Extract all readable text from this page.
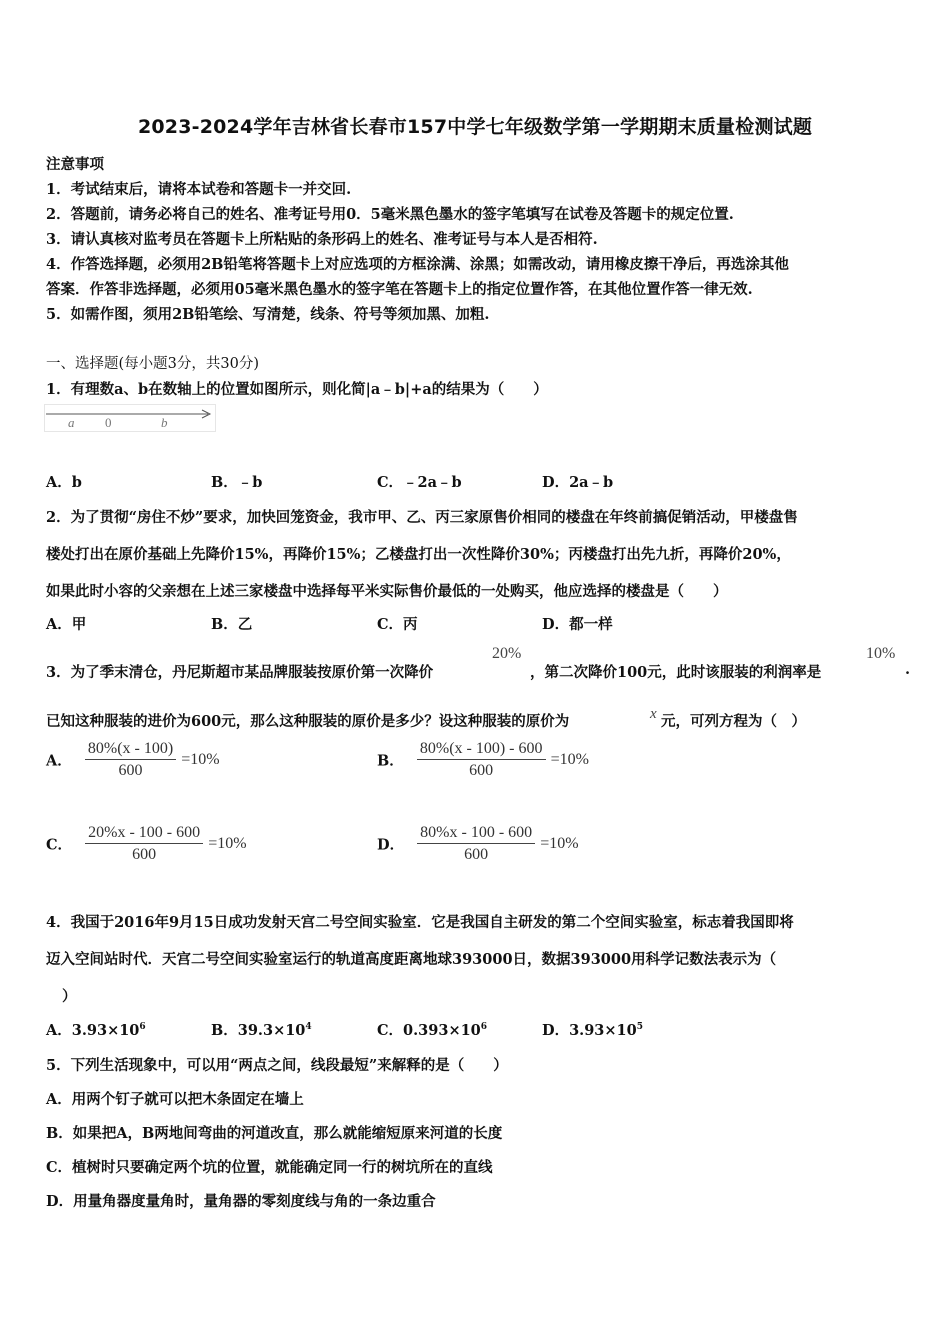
2023-2024学年吉林省长春市157中学七年级数学第一学期期末质量检测试题
注意事项
1．考试结束后，请将本试卷和答题卡一并交回.
2．答题前，请务必将自己的姓名、准考证号用0．5毫米黑色墨水的签字笔填写在试卷及答题卡的规定位置.
3．请认真核对监考员在答题卡上所粘贴的条形码上的姓名、准考证号与本人是否相符.
4．作答选择题，必须用2B铅笔将答题卡上对应选项的方框涂满、涂黑；如需改动，请用橡皮擦干净后，再选涂其他
答案．作答非选择题，必须用05毫米黑色墨水的签字笔在答题卡上的指定位置作答，在其他位置作答一律无效.
5．如需作图，须用2B铅笔绘、写清楚，线条、符号等须加黑、加粗.
一、选择题(每小题3分，共30分)
1．有理数a、b在数轴上的位置如图所示，则化简|a﹣b|+a的结果为（　　）
a 0	b
A．b	B．﹣b	C．﹣2a﹣b	D．2a﹣b
2．为了贯彻“房住不炒”要求，加快回笼资金，我市甲、乙、丙三家原售价相同的楼盘在年终前搞促销活动，甲楼盘售
楼处打出在原价基础上先降价15%，再降价15%；乙楼盘打出一次性降价30%；丙楼盘打出先九折，再降价20%，
如果此时小容的父亲想在上述三家楼盘中选择每平米实际售价最低的一处购买，他应选择的楼盘是（　　）
A．甲	B．乙	C．丙	D．都一样
3．为了季末清仓，丹尼斯超市某品牌服装按原价第一次降价
20%
，第二次降价100元，此时该服装的利润率是
10%
.
已知这种服装的进价为600元，那么这种服装的原价是多少？设这种服装的原价为	x 元，可列方程为（　）
A． $\frac{80\%(x - 100)}{600} =10\%$	B． $\frac{80\%(x - 100) - 600}{600} =10\%$
C． $\frac{20\%x - 100 - 600}{600} =10\%$	D． $\frac{80\%x - 100 - 600}{600} =10\%$
4．我国于2016年9月15日成功发射天宫二号空间实验室．它是我国自主研发的第二个空间实验室，标志着我国即将
迈入空间站时代．天宫二号空间实验室运行的轨道高度距离地球393000日，数据393000用科学记数法表示为（
）
A．$3.93\times 10^6$	B．$39.3\times 10^4$	C．$0.393\times 10^6$	D．$3.93\times 10^5$
5．下列生活现象中，可以用“两点之间，线段最短”来解释的是（　　）
A．用两个钉子就可以把木条固定在墙上
B．如果把A，B两地间弯曲的河道改直，那么就能缩短原来河道的长度
C．植树时只要确定两个坑的位置，就能确定同一行的树坑所在的直线
D．用量角器度量角时，量角器的零刻度线与角的一条边重合
